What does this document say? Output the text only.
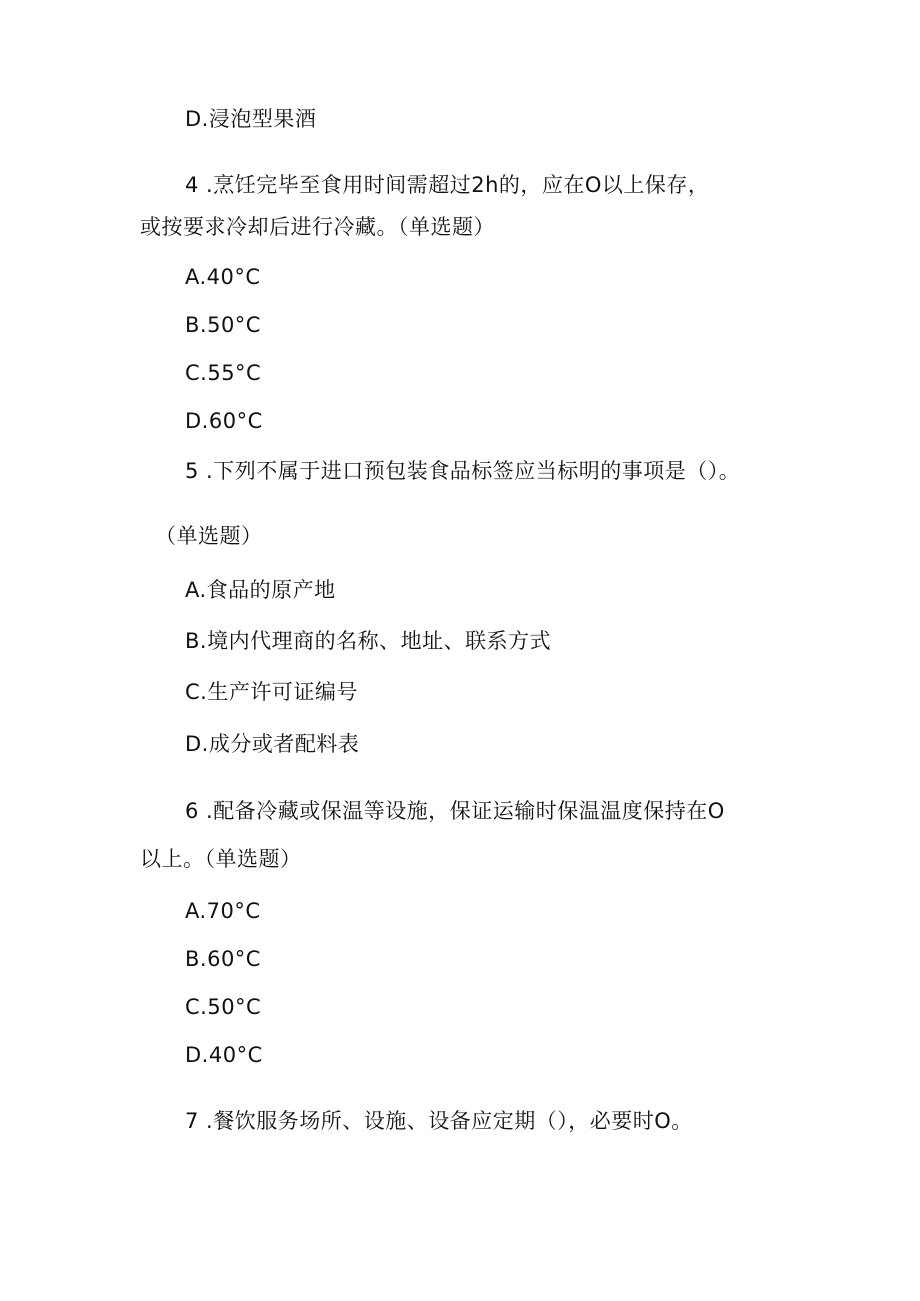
D.浸泡型果酒
4 .烹饪完毕至食用时间需超过2h的，应在O以上保存，
或按要求冷却后进行冷藏。（单选题）
A.40°C
B.50°C
C.55°C
D.60°C
5 .下列不属于进口预包装食品标签应当标明的事项是（）。
（单选题）
A.食品的原产地
B.境内代理商的名称、地址、联系方式
C.生产许可证编号
D.成分或者配料表
6 .配备冷藏或保温等设施，保证运输时保温温度保持在O
以上。（单选题）
A.70°C
B.60°C
C.50°C
D.40°C
7 .餐饮服务场所、设施、设备应定期（），必要时O。
